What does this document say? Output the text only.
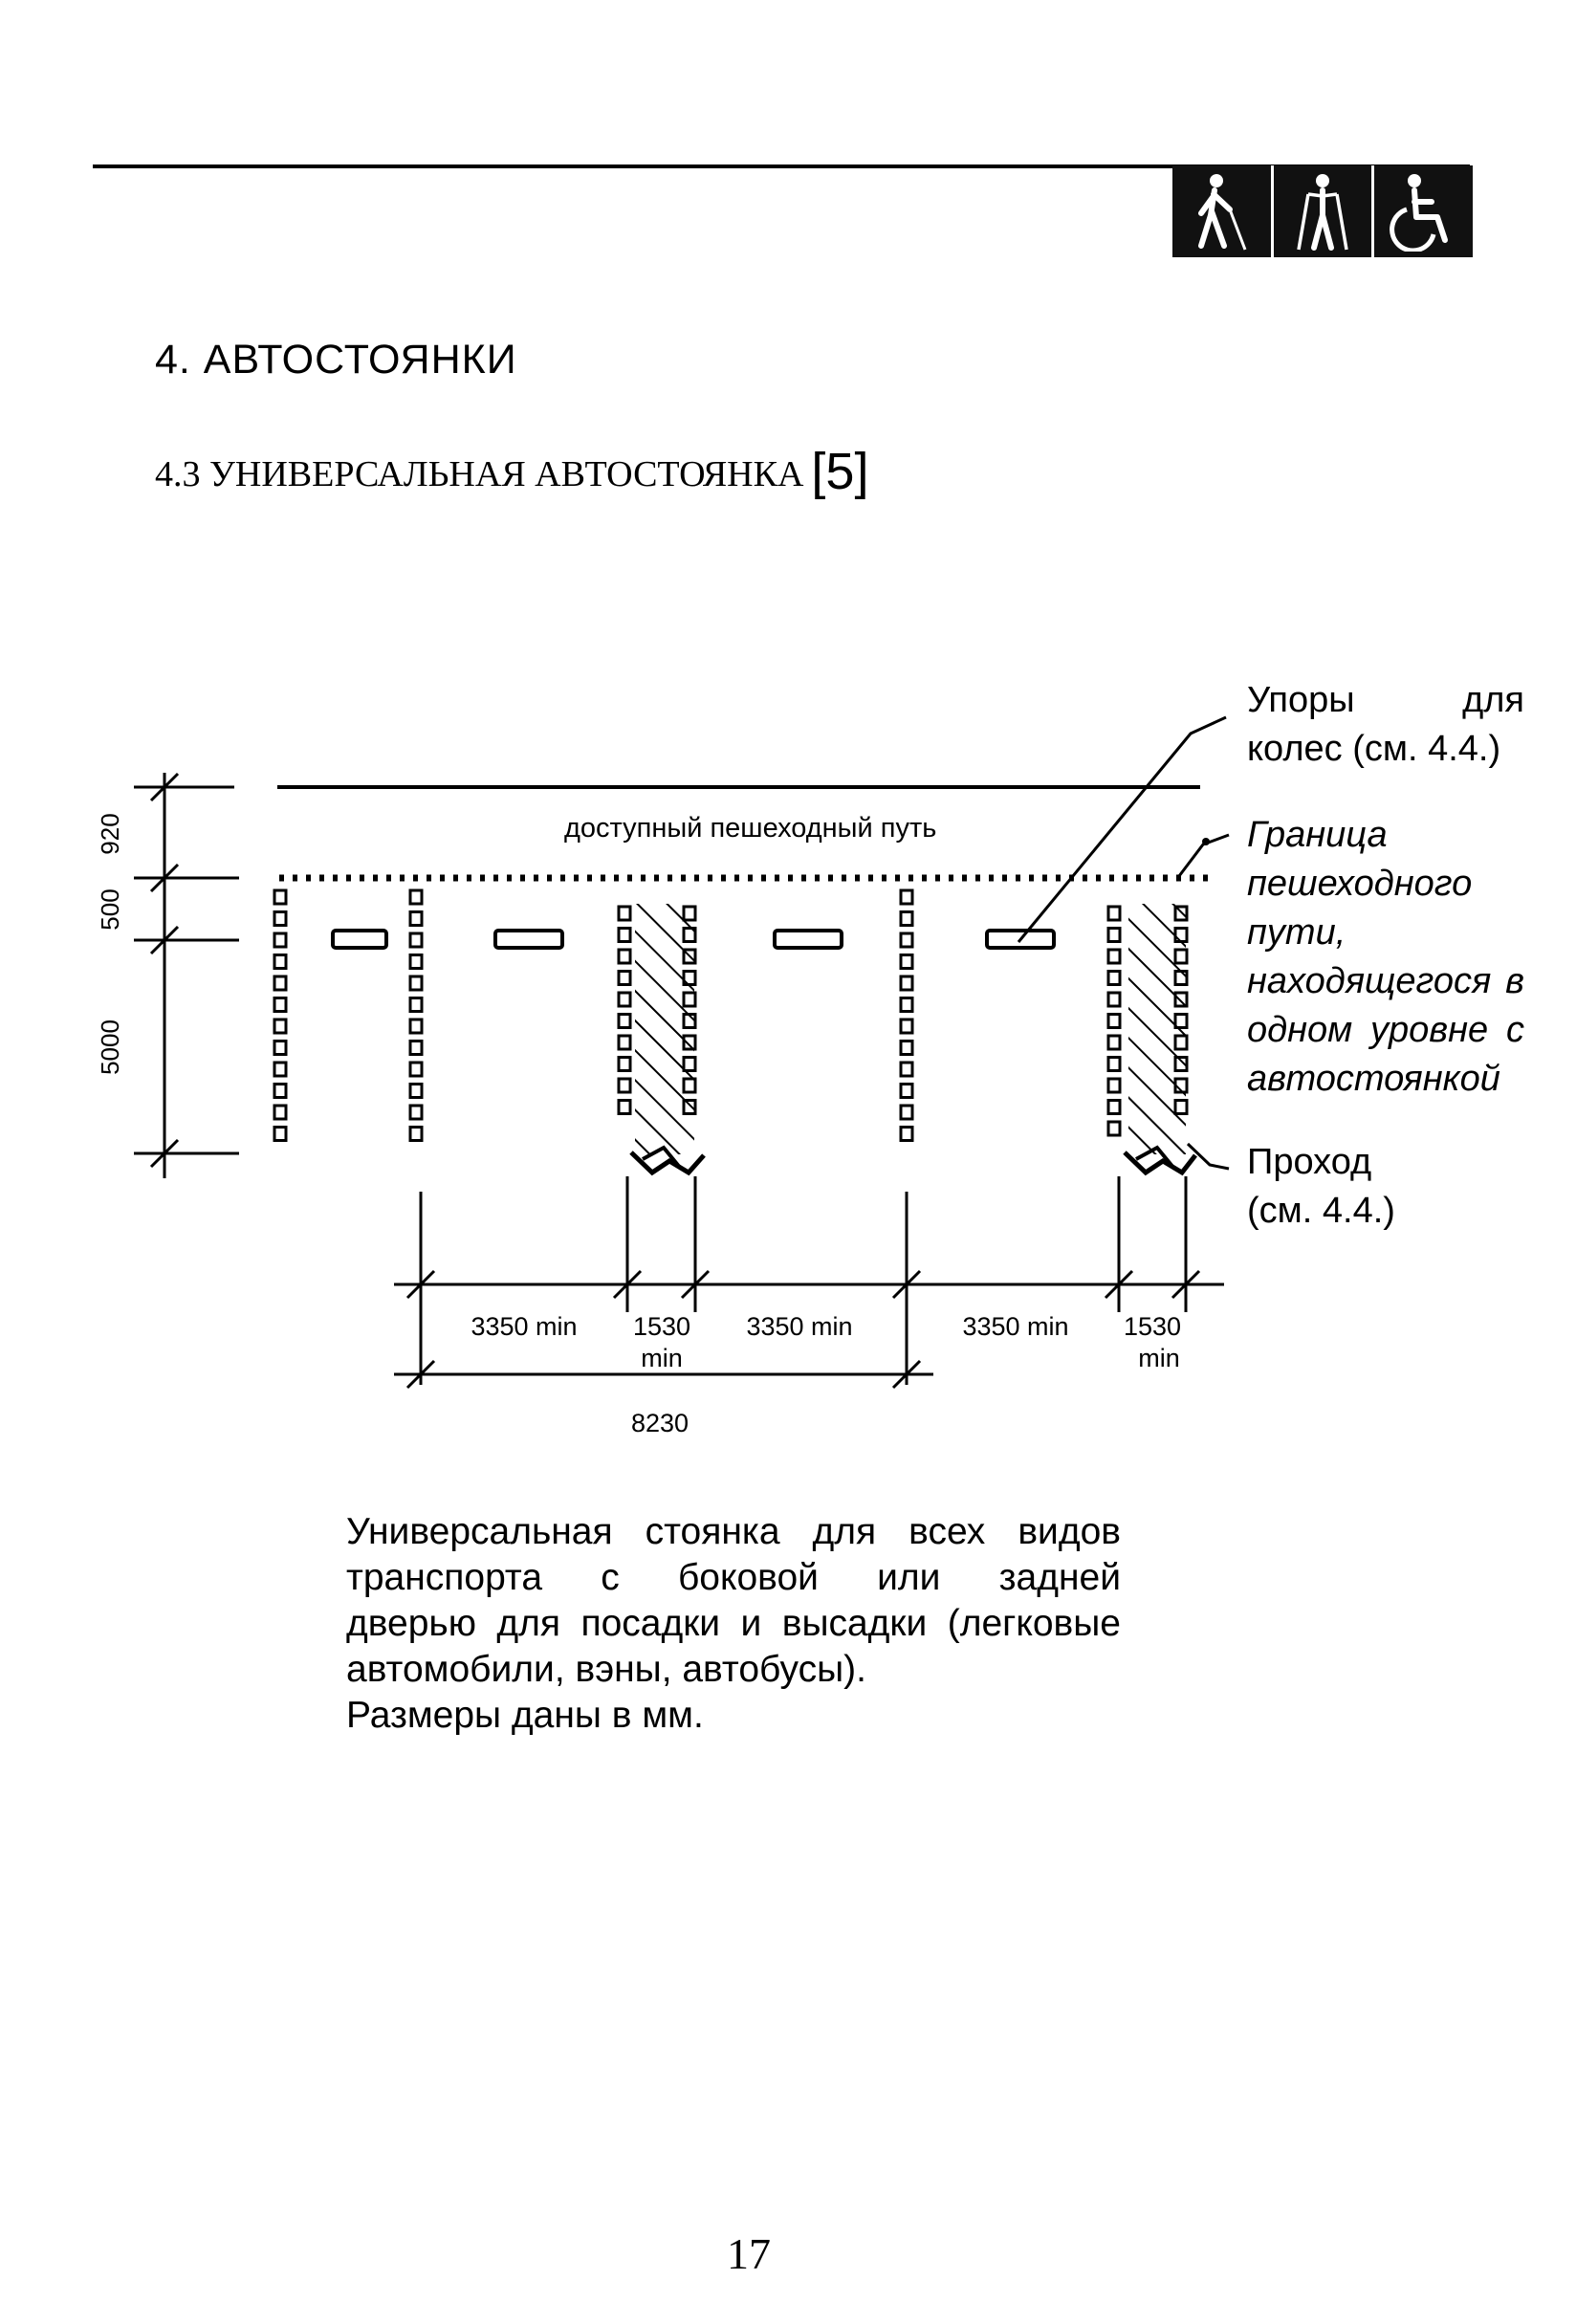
4. АВТОСТОЯНКИ
4.3 УНИВЕРСАЛЬНАЯ АВТОСТОЯНКА [5]
доступный пешеходный путь
920
500
5000
3350 min 1530
min
3350 min	3350 min 1530
min
8230
Упоры для колес (см. 4.4.)
Граница пешеходного пути, находящегося в одном уровне с автостоянкой
Проход (см. 4.4.)
Универсальная стоянка для всех видов
транспорта с боковой или задней
дверью для посадки и высадки (легковые
автомобили, вэны, автобусы).
Размеры даны в мм.
17
